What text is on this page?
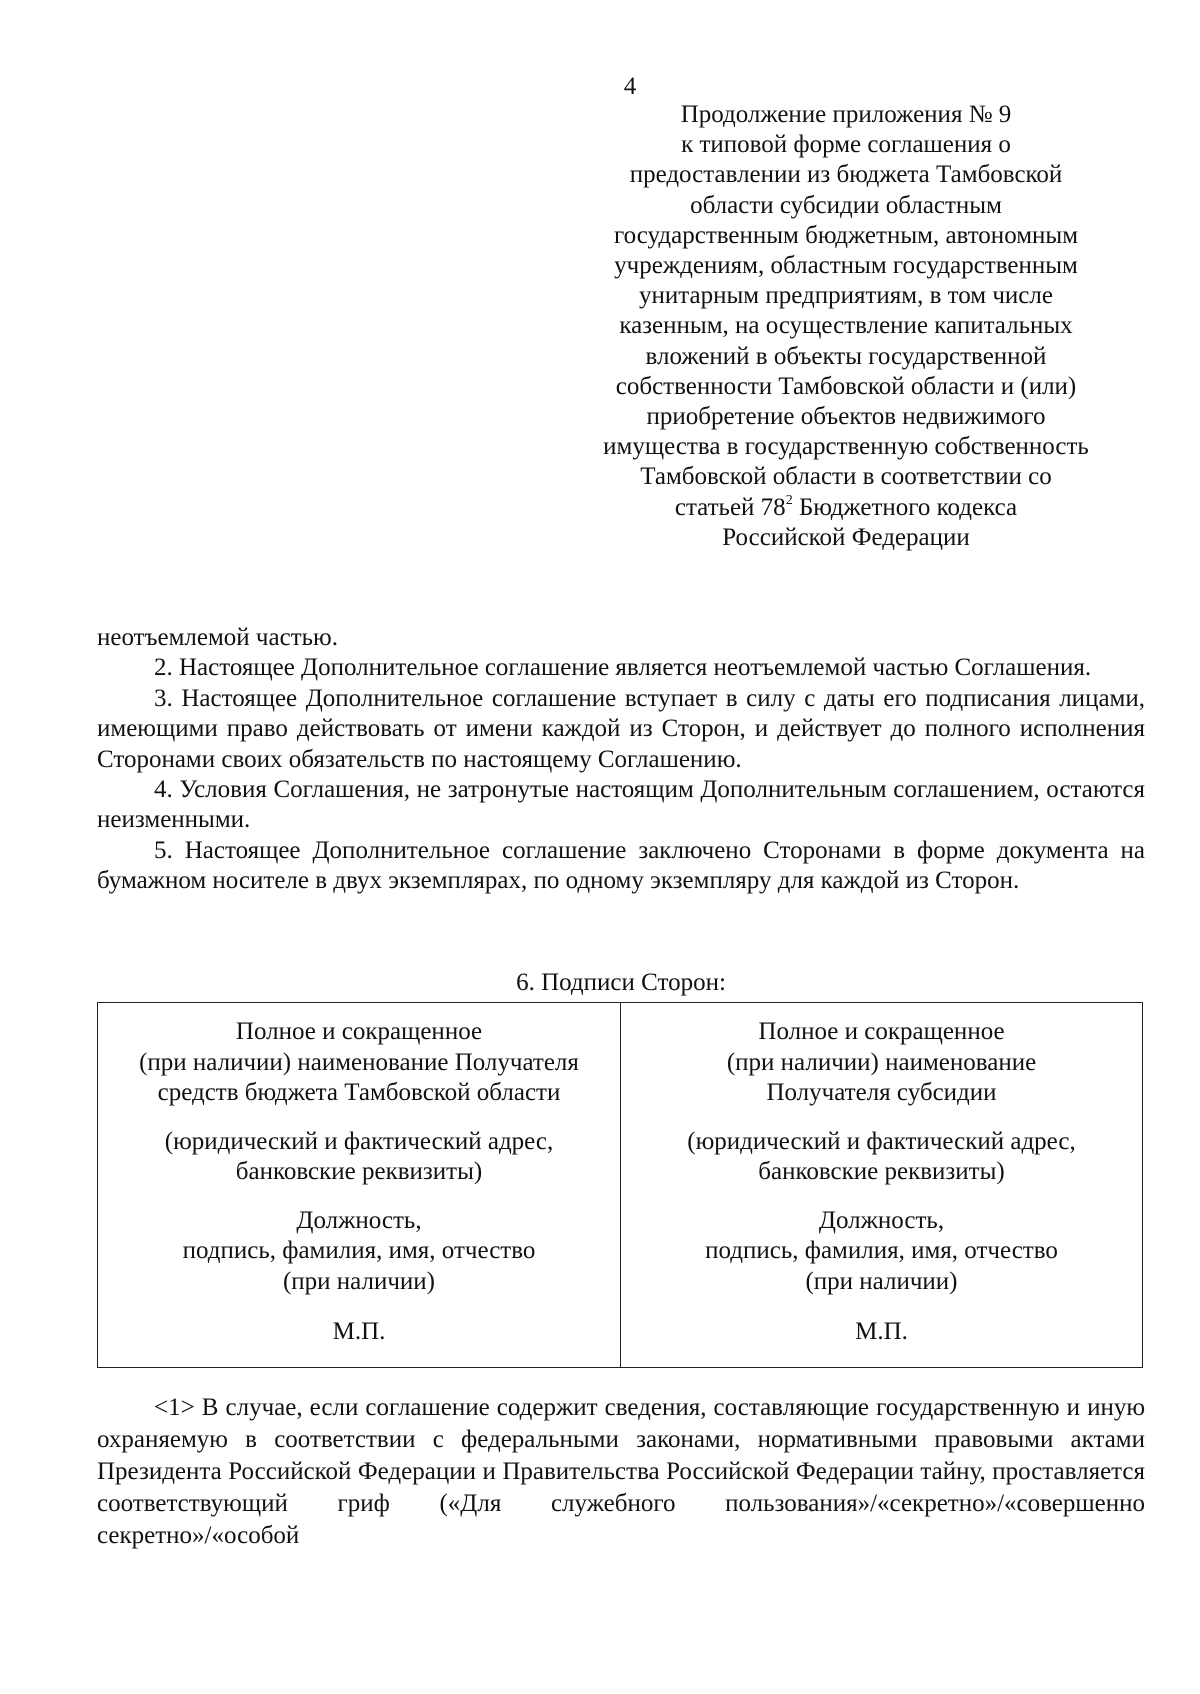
4
Продолжение приложения № 9
к типовой форме соглашения о
предоставлении из бюджета Тамбовской
области субсидии областным
государственным бюджетным, автономным
учреждениям, областным государственным
унитарным предприятиям, в том числе
казенным, на осуществление капитальных
вложений в объекты государственной
собственности Тамбовской области и (или)
приобретение объектов недвижимого
имущества в государственную собственность
Тамбовской области в соответствии со
статьей $78^2$ Бюджетного кодекса
Российской Федерации

неотъемлемой частью.

2. Настоящее Дополнительное соглашение является неотъемлемой частью Соглашения.

3. Настоящее Дополнительное соглашение вступает в силу с даты его подписания лицами, имеющими право действовать от имени каждой из Сторон, и действует до полного исполнения Сторонами своих обязательств по настоящему Соглашению.

4. Условия Соглашения, не затронутые настоящим Дополнительным соглашением, остаются неизменными.

5. Настоящее Дополнительное соглашение заключено Сторонами в форме документа на бумажном носителе в двух экземплярах, по одному экземпляру для каждой из Сторон.

6. Подписи Сторон:
Полное и сокращенное
(при наличии) наименование Получателя
средств бюджета Тамбовской области
(юридический и фактический адрес,
банковские реквизиты)
Должность,
подпись, фамилия, имя, отчество
(при наличии)
М.П.
Полное и сокращенное
(при наличии) наименование
Получателя субсидии
(юридический и фактический адрес,
банковские реквизиты)
Должность,
подпись, фамилия, имя, отчество
(при наличии)
М.П.

<1> В случае, если соглашение содержит сведения, составляющие государственную и иную охраняемую в соответствии с федеральными законами, нормативными правовыми актами Президента Российской Федерации и Правительства Российской Федерации тайну, проставляется соответствующий гриф («Для служебного пользования»/«секретно»/«совершенно секретно»/«особой
